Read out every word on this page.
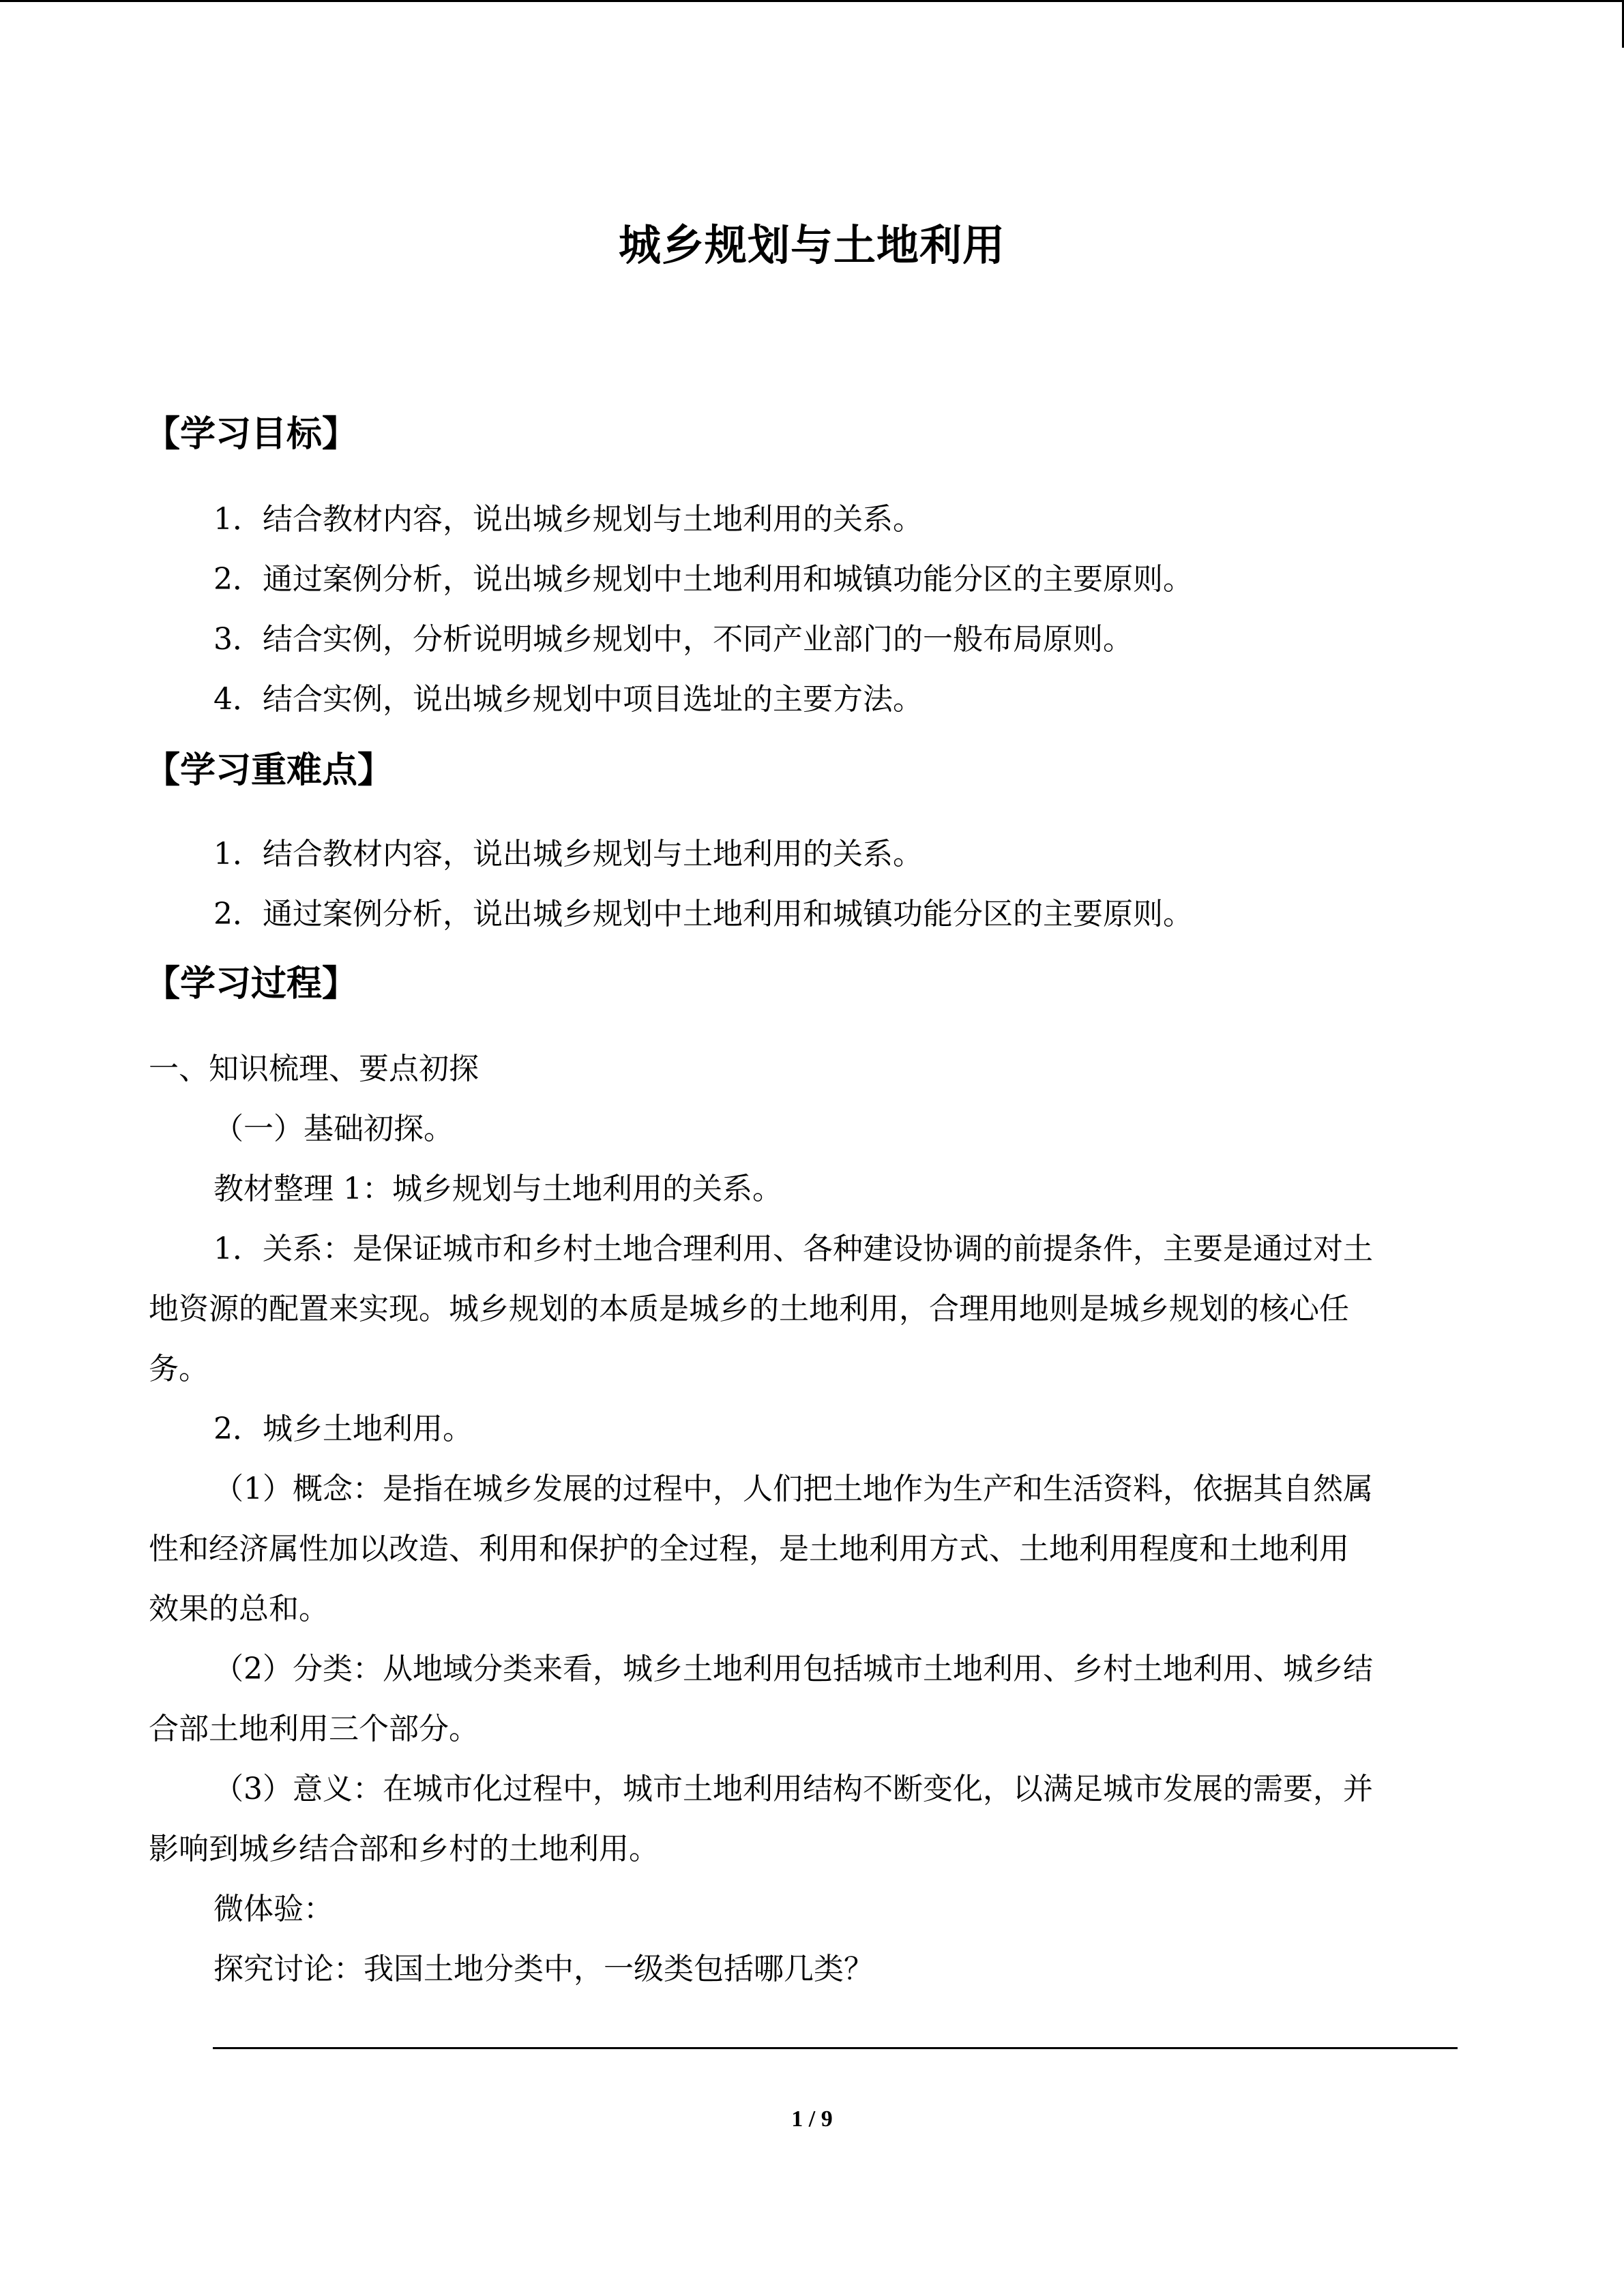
城乡规划与土地利用
【学习目标】
1．结合教材内容，说出城乡规划与土地利用的关系。
2．通过案例分析，说出城乡规划中土地利用和城镇功能分区的主要原则。
3．结合实例，分析说明城乡规划中，不同产业部门的一般布局原则。
4．结合实例，说出城乡规划中项目选址的主要方法。
【学习重难点】
1．结合教材内容，说出城乡规划与土地利用的关系。
2．通过案例分析，说出城乡规划中土地利用和城镇功能分区的主要原则。
【学习过程】
一、知识梳理、要点初探
（一）基础初探。
教材整理 1：城乡规划与土地利用的关系。
1．关系：是保证城市和乡村土地合理利用、各种建设协调的前提条件，主要是通过对土
地资源的配置来实现。城乡规划的本质是城乡的土地利用，合理用地则是城乡规划的核心任
务。
2．城乡土地利用。
（1）概念：是指在城乡发展的过程中，人们把土地作为生产和生活资料，依据其自然属
性和经济属性加以改造、利用和保护的全过程，是土地利用方式、土地利用程度和土地利用
效果的总和。
（2）分类：从地域分类来看，城乡土地利用包括城市土地利用、乡村土地利用、城乡结
合部土地利用三个部分。
（3）意义：在城市化过程中，城市土地利用结构不断变化，以满足城市发展的需要，并
影响到城乡结合部和乡村的土地利用。
微体验：
探究讨论：我国土地分类中，一级类包括哪几类？
1 / 9
